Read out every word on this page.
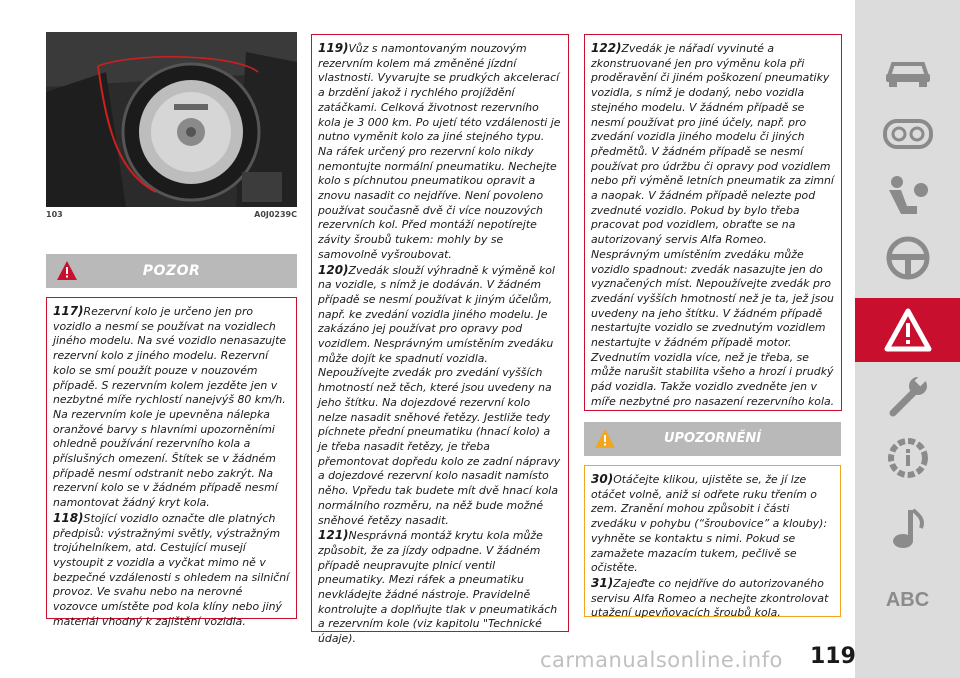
103	A0J0239C
POZOR

117)Rezervní kolo je určeno jen pro vozidlo a nesmí se používat na vozidlech jiného modelu. Na své vozidlo nenasazujte rezervní kolo z jiného modelu. Rezervní kolo se smí použít pouze v nouzovém případě. S rezervním kolem jezděte jen v nezbytné míře rychlostí nanejvýš 80 km/h. Na rezervním kole je upevněna nálepka oranžové barvy s hlavními upozorněními ohledně používání rezervního kola a příslušných omezení. Štítek se v žádném případě nesmí odstranit nebo zakrýt. Na rezervní kolo se v žádném případě nesmí namontovat žádný kryt kola.

118)Stojící vozidlo označte dle platných předpisů: výstražnými světly, výstražným trojúhelníkem, atd. Cestující musejí vystoupit z vozidla a vyčkat mimo ně v bezpečné vzdálenosti s ohledem na silniční provoz. Ve svahu nebo na nerovné vozovce umístěte pod kola klíny nebo jiný materiál vhodný k zajištění vozidla.

119)Vůz s namontovaným nouzovým rezervním kolem má změněné jízdní vlastnosti. Vyvarujte se prudkých akcelerací a brzdění jakož i rychlého projíždění zatáčkami. Celková životnost rezervního kola je 3 000 km. Po ujetí této vzdálenosti je nutno vyměnit kolo za jiné stejného typu. Na ráfek určený pro rezervní kolo nikdy nemontujte normální pneumatiku. Nechejte kolo s píchnutou pneumatikou opravit a znovu nasadit co nejdříve. Není povoleno používat současně dvě či více nouzových rezervních kol. Před montáží nepotírejte závity šroubů tukem: mohly by se samovolně vyšroubovat.

120)Zvedák slouží výhradně k výměně kol na vozidle, s nímž je dodáván. V žádném případě se nesmí používat k jiným účelům, např. ke zvedání vozidla jiného modelu. Je zakázáno jej používat pro opravy pod vozidlem. Nesprávným umístěním zvedáku může dojít ke spadnutí vozidla. Nepoužívejte zvedák pro zvedání vyšších hmotností než těch, které jsou uvedeny na jeho štítku. Na dojezdové rezervní kolo nelze nasadit sněhové řetězy. Jestliže tedy píchnete přední pneumatiku (hnací kolo) a je třeba nasadit řetězy, je třeba přemontovat dopředu kolo ze zadní nápravy a dojezdové rezervní kolo nasadit namísto něho. Vpředu tak budete mít dvě hnací kola normálního rozměru, na něž bude možné sněhové řetězy nasadit.

121)Nesprávná montáž krytu kola může způsobit, že za jízdy odpadne. V žádném případě neupravujte plnicí ventil pneumatiky. Mezi ráfek a pneumatiku nevkládejte žádné nástroje. Pravidelně kontrolujte a doplňujte tlak v pneumatikách a rezervním kole (viz kapitolu "Technické údaje).

122)Zvedák je nářadí vyvinuté a zkonstruované jen pro výměnu kola při proděravění či jiném poškození pneumatiky vozidla, s nímž je dodaný, nebo vozidla stejného modelu. V žádném případě se nesmí používat pro jiné účely, např. pro zvedání vozidla jiného modelu či jiných předmětů. V žádném případě se nesmí používat pro údržbu či opravy pod vozidlem nebo při výměně letních pneumatik za zimní a naopak. V žádném případě nelezte pod zvednuté vozidlo. Pokud by bylo třeba pracovat pod vozidlem, obraťte se na autorizovaný servis Alfa Romeo. Nesprávným umístěním zvedáku může vozidlo spadnout: zvedák nasazujte jen do vyznačených míst. Nepoužívejte zvedák pro zvedání vyšších hmotností než je ta, jež jsou uvedeny na jeho štítku. V žádném případě nestartujte vozidlo se zvednutým vozidlem nestartujte v žádném případě motor. Zvednutím vozidla více, než je třeba, se může narušit stabilita všeho a hrozí i prudký pád vozidla. Takže vozidlo zvedněte jen v míře nezbytné pro nasazení rezervního kola.

UPOZORNĚNÍ

30)Otáčejte klikou, ujistěte se, že jí lze otáčet volně, aniž si odřete ruku třením o zem. Zranění mohou způsobit i části zvedáku v pohybu (“šroubovice” a klouby): vyhněte se kontaktu s nimi. Pokud se zamažete mazacím tukem, pečlivě se očistěte.

31)Zajeďte co nejdříve do autorizovaného servisu Alfa Romeo a nechejte zkontrolovat utažení upevňovacích šroubů kola.

ABC
carmanualsonline.info 119
